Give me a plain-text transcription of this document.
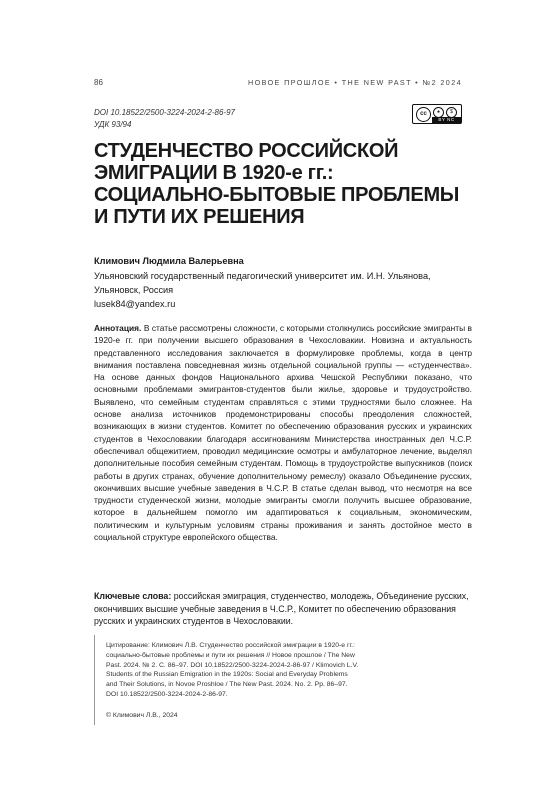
86	НОВОЕ ПРОШЛОЕ • THE NEW PAST • №2 2024
DOI 10.18522/2500-3224-2024-2-86-97
УДК 93/94
cc	●	$
BY NC
СТУДЕНЧЕСТВО РОССИЙСКОЙ
ЭМИГРАЦИИ В 1920-е гг.:
СОЦИАЛЬНО-БЫТОВЫЕ ПРОБЛЕМЫ
И ПУТИ ИХ РЕШЕНИЯ
Климович Людмила Валерьевна
Ульяновский государственный педагогический университет им. И.Н. Ульянова,
Ульяновск, Россия
lusek84@yandex.ru
Аннотация. В статье рассмотрены сложности, с которыми столкнулись российские эмигранты в 1920-е гг. при получении высшего образования в Чехословакии. Новизна и актуальность представленного исследования заключается в формулировке проблемы, когда в центр внимания поставлена повседневная жизнь отдельной социальной группы — «студенчества». На основе данных фондов Национального архива Чешской Республики показано, что основными проблемами эмигрантов-студентов были жилье, здоровье и трудоустройство. Выявлено, что семейным студентам справляться с этими трудностями было сложнее. На основе анализа источников продемонстрированы способы преодоления сложностей, возникающих в жизни студентов. Комитет по обеспечению образования русских и украинских студентов в Чехословакии благодаря ассигнованиям Министерства иностранных дел Ч.С.Р. обеспечивал общежитием, проводил медицинские осмотры и амбулаторное лечение, выделял дополнительные пособия семейным студентам. Помощь в трудоустройстве выпускников (поиск работы в других странах, обучение дополнительному ремеслу) оказало Объединение русских, окончивших высшие учебные заведения в Ч.С.Р. В статье сделан вывод, что несмотря на все трудности студенческой жизни, молодые эмигранты смогли получить высшее образование, которое в дальнейшем помогло им адаптироваться к социальным, экономическим, политическим и культурным условиям страны проживания и занять достойное место в социальной структуре европейского общества.
Ключевые слова: российская эмиграция, студенчество, молодежь, Объединение русских, окончивших высшие учебные заведения в Ч.С.Р., Комитет по обеспечению образования русских и украинских студентов в Чехословакии.
Цитирование: Климович Л.В. Студенчество российской эмиграции в 1920-е гг.:
социально-бытовые проблемы и пути их решения // Новое прошлое / The New
Past. 2024. № 2. С. 86–97. DOI 10.18522/2500-3224-2024-2-86-97 / Klimovich L.V.
Students of the Russian Emigration in the 1920s: Social and Everyday Problems
and Their Solutions, in Novoe Proshloe / The New Past. 2024. No. 2. Pp. 86–97.
DOI 10.18522/2500-3224-2024-2-86-97.
© Климович Л.В., 2024
